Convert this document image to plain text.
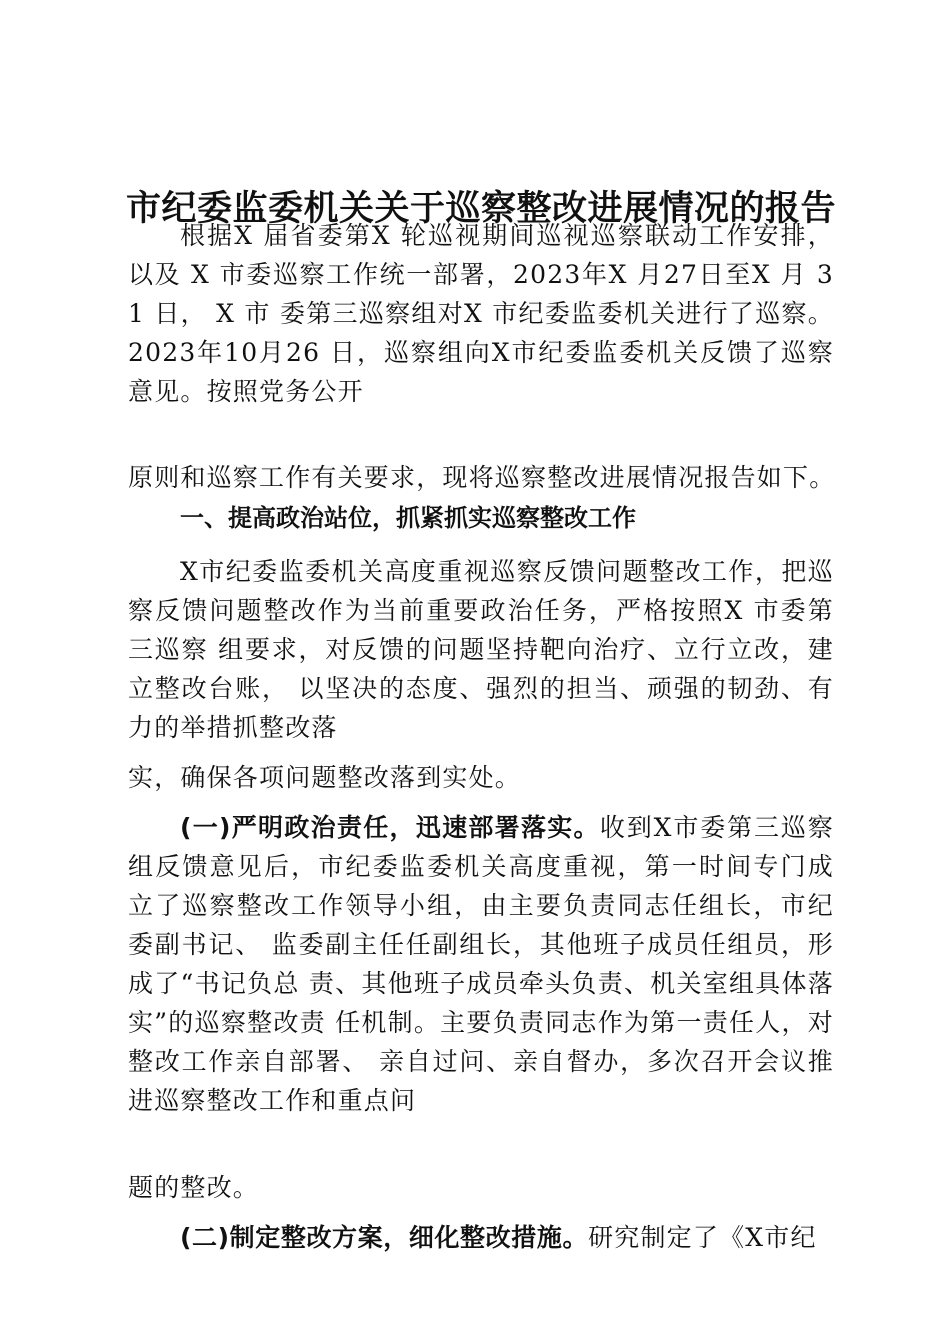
市纪委监委机关关于巡察整改进展情况的报告
根据X 届省委第X 轮巡视期间巡视巡察联动工作安排，以及 X 市委巡察工作统一部署，2023年X 月27日至X 月 3 1 日， X 市 委第三巡察组对X 市纪委监委机关进行了巡察。2023年10月26 日，巡察组向X市纪委监委机关反馈了巡察意见。按照党务公开
原则和巡察工作有关要求，现将巡察整改进展情况报告如下。
一、提高政治站位，抓紧抓实巡察整改工作
X市纪委监委机关高度重视巡察反馈问题整改工作，把巡察反馈问题整改作为当前重要政治任务，严格按照X 市委第三巡察 组要求，对反馈的问题坚持靶向治疗、立行立改，建立整改台账， 以坚决的态度、强烈的担当、顽强的韧劲、有力的举措抓整改落
实，确保各项问题整改落到实处。
(一)严明政治责任，迅速部署落实。收到X市委第三巡察组反馈意见后，市纪委监委机关高度重视，第一时间专门成立了巡察整改工作领导小组，由主要负责同志任组长，市纪委副书记、 监委副主任任副组长，其他班子成员任组员，形成了“书记负总 责、其他班子成员牵头负责、机关室组具体落实”的巡察整改责 任机制。主要负责同志作为第一责任人，对整改工作亲自部署、 亲自过问、亲自督办，多次召开会议推进巡察整改工作和重点问
题的整改。
(二)制定整改方案，细化整改措施。研究制定了《X市纪
